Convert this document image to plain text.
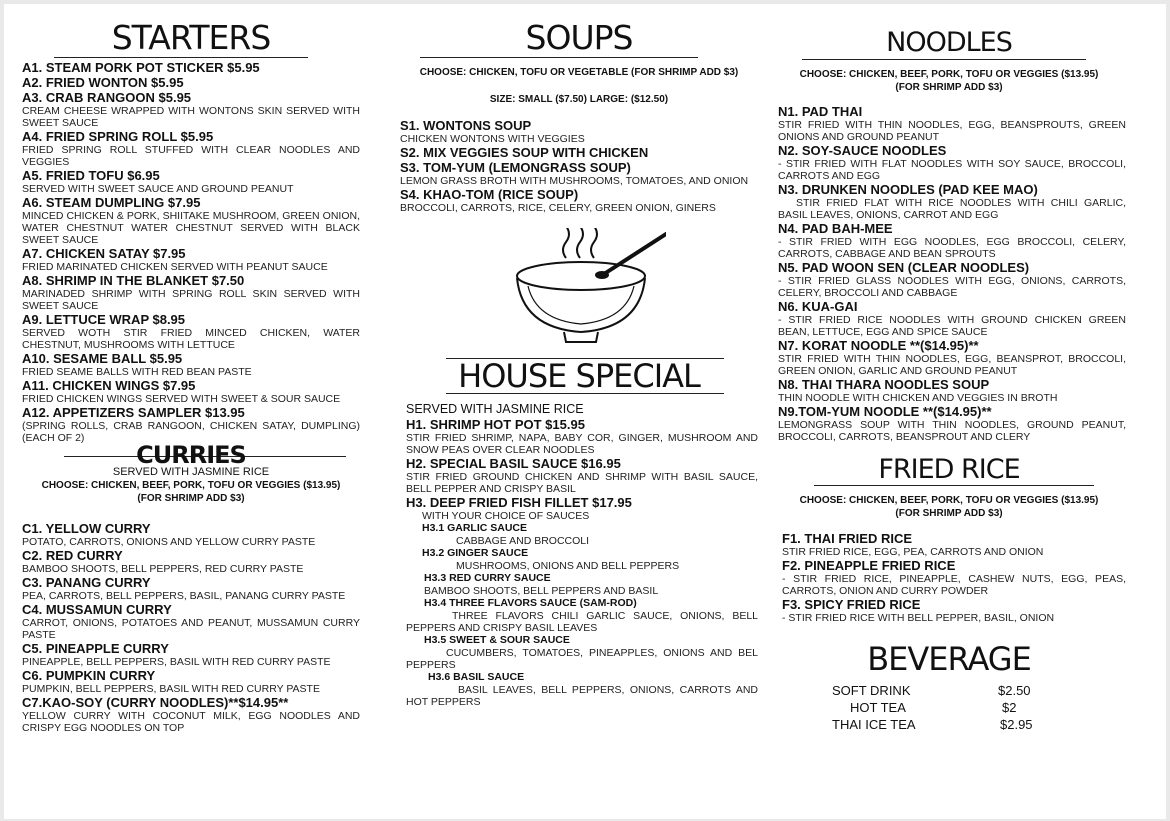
STARTERS
A1. STEAM PORK POT STICKER $5.95
A2. FRIED WONTON $5.95
A3. CRAB RANGOON $5.95
CREAM CHEESE WRAPPED WITH WONTONS SKIN SERVED WITH SWEET SAUCE
A4. FRIED SPRING ROLL $5.95
FRIED SPRING ROLL STUFFED WITH CLEAR NOODLES AND VEGGIES
A5. FRIED TOFU $6.95
SERVED WITH SWEET SAUCE AND GROUND PEANUT
A6. STEAM DUMPLING $7.95
MINCED CHICKEN & PORK, SHIITAKE MUSHROOM, GREEN ONION, WATER CHESTNUT WATER CHESTNUT SERVED WITH BLACK SWEET SAUCE
A7. CHICKEN SATAY $7.95
FRIED MARINATED CHICKEN SERVED WITH PEANUT SAUCE
A8. SHRIMP IN THE BLANKET $7.50
MARINADED SHRIMP WITH SPRING ROLL SKIN SERVED WITH SWEET SAUCE
A9. LETTUCE WRAP $8.95
SERVED WOTH STIR FRIED MINCED CHICKEN, WATER CHESTNUT, MUSHROOMS WITH LETTUCE
A10. SESAME BALL $5.95
FRIED SEAME BALLS WITH RED BEAN PASTE
A11. CHICKEN WINGS $7.95
FRIED CHICKEN WINGS SERVED WITH SWEET & SOUR SAUCE
A12. APPETIZERS SAMPLER $13.95
(SPRING ROLLS, CRAB RANGOON, CHICKEN SATAY, DUMPLING)(EACH OF 2)
CURRIES
SERVED WITH JASMINE RICE
CHOOSE: CHICKEN, BEEF, PORK, TOFU OR VEGGIES ($13.95)
(FOR SHRIMP ADD $3)
C1. YELLOW CURRY
POTATO, CARROTS, ONIONS AND YELLOW CURRY PASTE
C2. RED CURRY
BAMBOO SHOOTS, BELL PEPPERS, RED CURRY PASTE
C3. PANANG CURRY
PEA, CARROTS, BELL PEPPERS, BASIL, PANANG CURRY PASTE
C4. MUSSAMUN CURRY
CARROT, ONIONS, POTATOES AND PEANUT, MUSSAMUN CURRY PASTE
C5. PINEAPPLE CURRY
PINEAPPLE, BELL PEPPERS, BASIL WITH RED CURRY PASTE
C6. PUMPKIN CURRY
PUMPKIN, BELL PEPPERS, BASIL WITH RED CURRY PASTE
C7.KAO-SOY (CURRY NOODLES)**$14.95**
YELLOW CURRY WITH COCONUT MILK, EGG NOODLES AND CRISPY EGG NOODLES ON TOP
SOUPS
CHOOSE: CHICKEN, TOFU OR VEGETABLE (FOR SHRIMP ADD $3)
SIZE: SMALL ($7.50) LARGE: ($12.50)
S1. WONTONS SOUP
CHICKEN WONTONS WITH VEGGIES
S2. MIX VEGGIES SOUP WITH CHICKEN
S3. TOM-YUM (LEMONGRASS SOUP)
LEMON GRASS BROTH WITH MUSHROOMS, TOMATOES, AND ONION
S4. KHAO-TOM (RICE SOUP)
BROCCOLI, CARROTS, RICE, CELERY, GREEN ONION, GINERS
HOUSE SPECIAL
SERVED WITH JASMINE RICE
H1. SHRIMP HOT POT $15.95
STIR FRIED SHRIMP, NAPA, BABY COR, GINGER, MUSHROOM AND SNOW PEAS OVER CLEAR NOODLES
H2. SPECIAL BASIL SAUCE $16.95
STIR FRIED GROUND CHICKEN AND SHRIMP WITH BASIL SAUCE, BELL PEPPER AND CRISPY BASIL
H3. DEEP FRIED FISH FILLET $17.95
WITH YOUR CHOICE OF SAUCES
H3.1 GARLIC SAUCE
CABBAGE AND BROCCOLI
H3.2 GINGER SAUCE
MUSHROOMS, ONIONS AND BELL PEPPERS
H3.3 RED CURRY SAUCE
BAMBOO SHOOTS, BELL PEPPERS AND BASIL
H3.4 THREE FLAVORS SAUCE (SAM-ROD)
THREE FLAVORS CHILI GARLIC SAUCE, ONIONS, BELL PEPPERS AND CRISPY BASIL LEAVES
H3.5 SWEET & SOUR SAUCE
CUCUMBERS, TOMATOES, PINEAPPLES, ONIONS AND BEL PEPPERS
H3.6 BASIL SAUCE
BASIL LEAVES, BELL PEPPERS, ONIONS, CARROTS AND HOT PEPPERS
NOODLES
CHOOSE: CHICKEN, BEEF, PORK, TOFU OR VEGGIES ($13.95)
(FOR SHRIMP ADD $3)
N1. PAD THAI
STIR FRIED WITH THIN NOODLES, EGG, BEANSPROUTS, GREEN ONIONS AND GROUND PEANUT
N2. SOY-SAUCE NOODLES
- STIR FRIED WITH FLAT NOODLES WITH SOY SAUCE, BROCCOLI, CARROTS AND EGG
N3. DRUNKEN NOODLES (PAD KEE MAO)
STIR FRIED FLAT WITH RICE NOODLES WITH CHILI GARLIC, BASIL LEAVES, ONIONS, CARROT AND EGG
N4. PAD BAH-MEE
- STIR FRIED WITH EGG NOODLES, EGG BROCCOLI, CELERY, CARROTS, CABBAGE AND BEAN SPROUTS
N5. PAD WOON SEN (CLEAR NOODLES)
- STIR FRIED GLASS NOODLES WITH EGG, ONIONS, CARROTS, CELERY, BROCCOLI AND CABBAGE
N6. KUA-GAI
- STIR FRIED RICE NOODLES WITH GROUND CHICKEN GREEN BEAN, LETTUCE, EGG AND SPICE SAUCE
N7. KORAT NOODLE **($14.95)**
STIR FRIED WITH THIN NOODLES, EGG, BEANSPROT, BROCCOLI, GREEN ONION, GARLIC AND GROUND PEANUT
N8. THAI THARA NOODLES SOUP
THIN NOODLE WITH CHICKEN AND VEGGIES IN BROTH
N9.TOM-YUM NOODLE **($14.95)**
LEMONGRASS SOUP WITH THIN NOODLES, GROUND PEANUT, BROCCOLI, CARROTS, BEANSPROUT AND CLERY
FRIED RICE
CHOOSE: CHICKEN, BEEF, PORK, TOFU OR VEGGIES ($13.95)
(FOR SHRIMP ADD $3)
F1. THAI FRIED RICE
STIR FRIED RICE, EGG, PEA, CARROTS AND ONION
F2. PINEAPPLE FRIED RICE
- STIR FRIED RICE, PINEAPPLE, CASHEW NUTS, EGG, PEAS, CARROTS, ONION AND CURRY POWDER
F3. SPICY FRIED RICE
- STIR FRIED RICE WITH BELL PEPPER, BASIL, ONION
BEVERAGE
SOFT DRINK	$2.50
HOT TEA	$2
THAI ICE TEA	$2.95
